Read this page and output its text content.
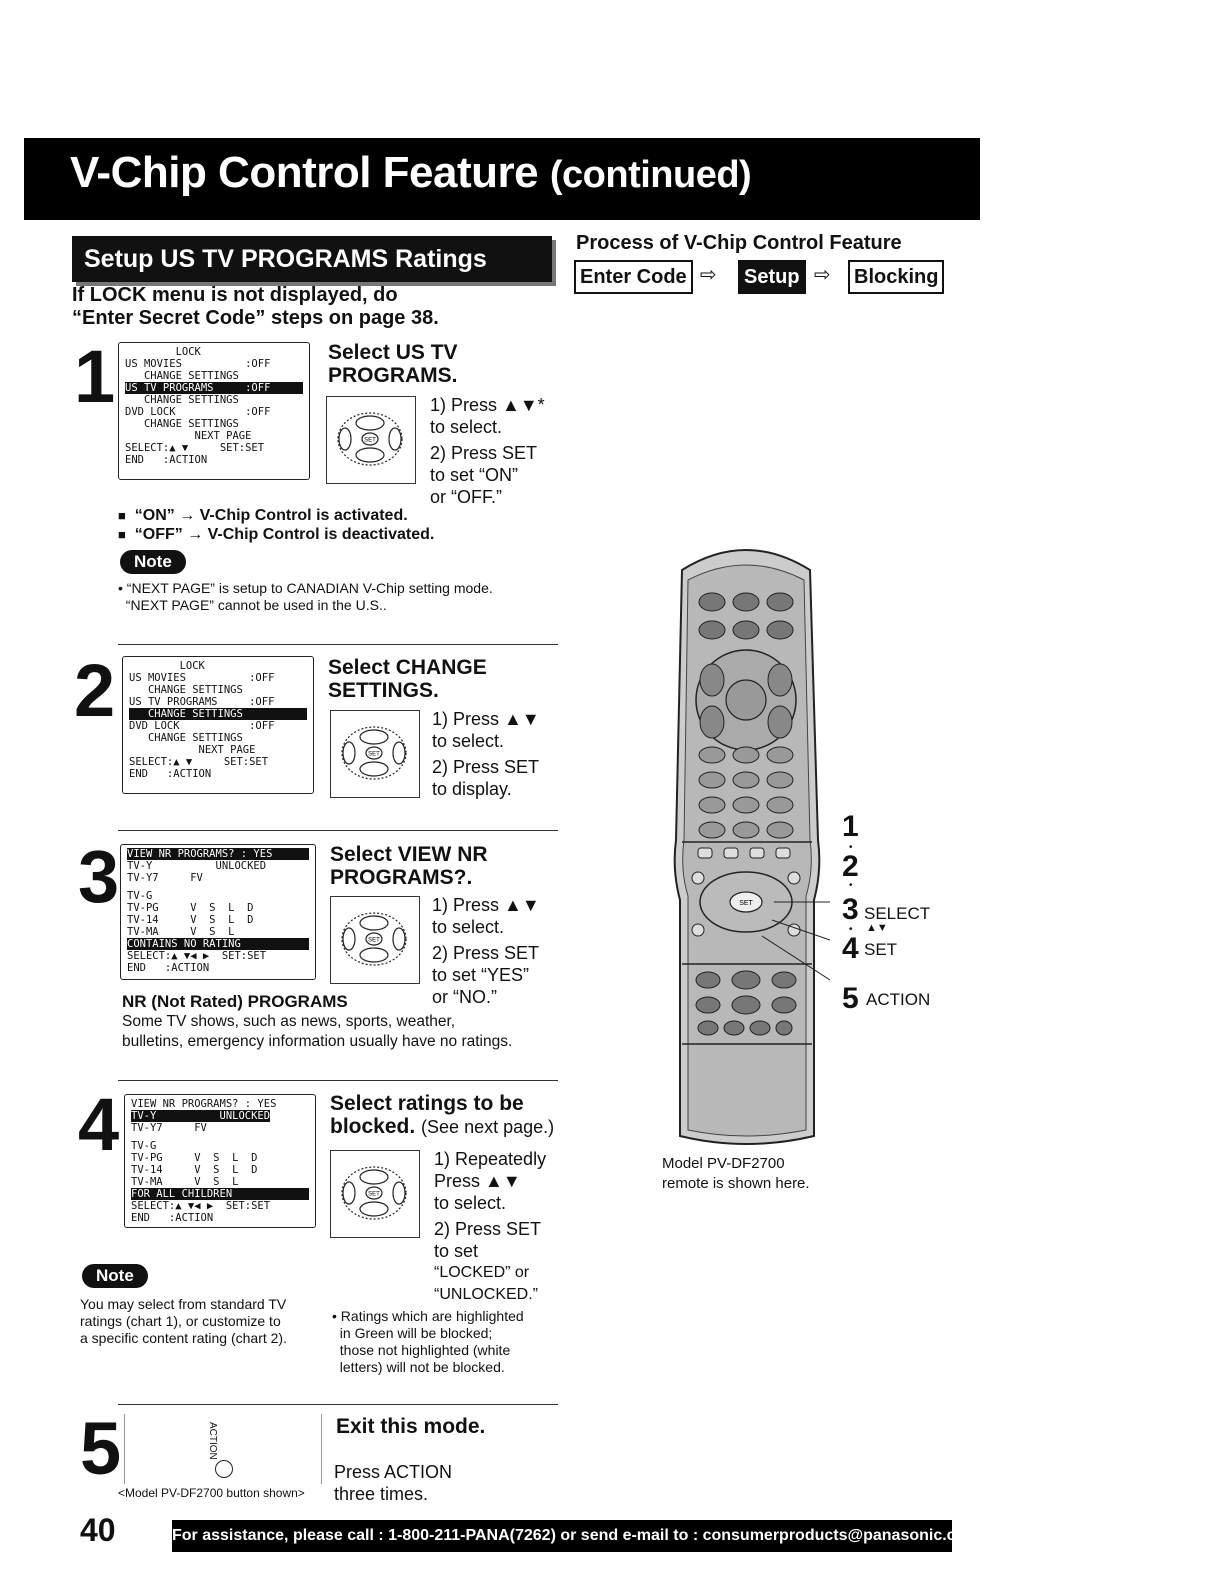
V-Chip Control Feature (continued)
Setup US TV PROGRAMS Ratings
If LOCK menu is not displayed, do
“Enter Secret Code” steps on page 38.
Process of V-Chip Control Feature
Enter Code ⇨	Setup ⇨	Blocking
1 LOCK
US MOVIES          :OFF
CHANGE SETTINGS
US TV PROGRAMS     :OFF
CHANGE SETTINGS
DVD LOCK           :OFF
CHANGE SETTINGS
NEXT PAGE
SELECT:▲ ▼     SET:SET
END   :ACTION
Select US TV
PROGRAMS.
SET
1) Press ▲▼*
to select.
2) Press SET
to set “ON”
or “OFF.”
■ “ON” → V-Chip Control is activated.
■ “OFF” → V-Chip Control is deactivated.
Note
• “NEXT PAGE” is setup to CANADIAN V-Chip setting mode.
“NEXT PAGE” cannot be used in the U.S..
2 LOCK
US MOVIES          :OFF
CHANGE SETTINGS
US TV PROGRAMS     :OFF
CHANGE SETTINGS
DVD LOCK           :OFF
CHANGE SETTINGS
NEXT PAGE
SELECT:▲ ▼     SET:SET
END   :ACTION
Select CHANGE
SETTINGS.
SET
1) Press ▲▼
to select.
2) Press SET
to display.
3 VIEW NR PROGRAMS? : YES
TV-Y          UNLOCKED
TV-Y7     FV
TV-G
TV-PG     V  S  L  D
TV-14     V  S  L  D
TV-MA     V  S  L
CONTAINS NO RATING
SELECT:▲ ▼◀ ▶  SET:SET
END   :ACTION
Select VIEW NR
PROGRAMS?.
SET
1) Press ▲▼
to select.
2) Press SET
to set “YES”
or “NO.”
NR (Not Rated) PROGRAMS
Some TV shows, such as news, sports, weather,
bulletins, emergency information usually have no ratings.
4 VIEW NR PROGRAMS? : YES
TV-Y          UNLOCKED
TV-Y7     FV
TV-G
TV-PG     V  S  L  D
TV-14     V  S  L  D
TV-MA     V  S  L
FOR ALL CHILDREN
SELECT:▲ ▼◀ ▶  SET:SET
END   :ACTION
Select ratings to be
blocked. (See next page.)
SET
1) Repeatedly
Press ▲▼
to select.
2) Press SET
to set
“LOCKED” or
“UNLOCKED.”
Note
You may select from standard TV
ratings (chart 1), or customize to
a specific content rating (chart 2).
• Ratings which are highlighted
in Green will be blocked;
those not highlighted (white
letters) will not be blocked.
5	ACTION
<Model PV-DF2700 button shown>
Exit this mode.
Press ACTION
three times.
SET
1
•
2
•
3 SELECT
• ▲▼
4 SET
5 ACTION
Model PV-DF2700
remote is shown here.
40	For assistance, please call : 1-800-211-PANA(7262) or send e-mail to : consumerproducts@panasonic.com
